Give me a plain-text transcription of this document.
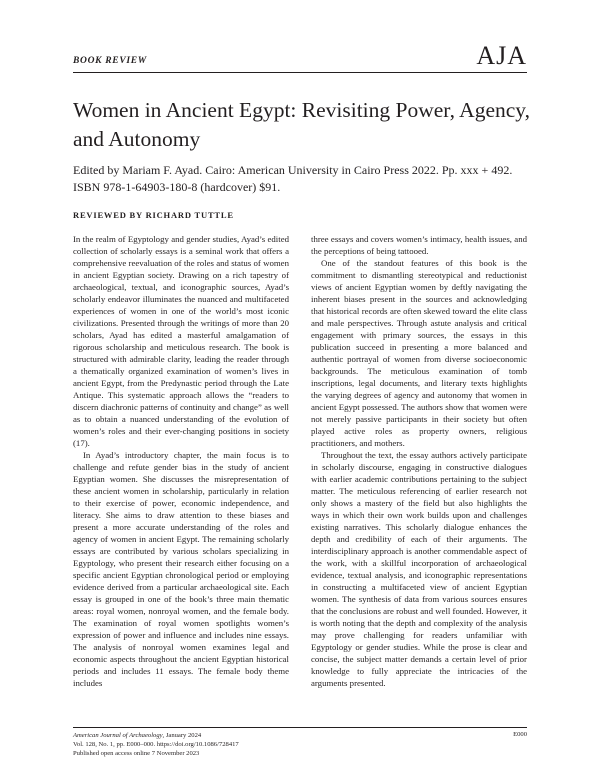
BOOK REVIEW	AJA
Women in Ancient Egypt: Revisiting Power, Agency, and Autonomy

Edited by Mariam F. Ayad. Cairo: American University in Cairo Press 2022. Pp. xxx + 492. ISBN 978-1-64903-180-8 (hardcover) $91.

REVIEWED BY RICHARD TUTTLE

In the realm of Egyptology and gender studies, Ayad’s edited collection of scholarly essays is a seminal work that offers a comprehensive reevaluation of the roles and status of women in ancient Egyptian society. Drawing on a rich tapestry of archaeological, textual, and iconographic sources, Ayad’s scholarly endeavor illuminates the nuanced and multifaceted experiences of women in one of the world’s most iconic civilizations. Presented through the writings of more than 20 scholars, Ayad has edited a masterful amalgamation of rigorous scholarship and meticulous research. The book is structured with admirable clarity, leading the reader through a thematically organized examination of women’s lives in ancient Egypt, from the Predynastic period through the Late Antique. This systematic approach allows the “readers to discern diachronic patterns of continuity and change” as well as to obtain a nuanced understanding of the evolution of women’s roles and their ever-changing positions in society (17).

In Ayad’s introductory chapter, the main focus is to challenge and refute gender bias in the study of ancient Egyptian women. She discusses the misrepresentation of these ancient women in scholarship, particularly in relation to their exercise of power, economic independence, and literacy. She aims to draw attention to these biases and present a more accurate understanding of the roles and agency of women in ancient Egypt. The remaining scholarly essays are contributed by various scholars specializing in Egyptology, who present their research either focusing on a specific ancient Egyptian chronological period or employing evidence derived from a particular archaeological site. Each essay is grouped in one of the book’s three main thematic areas: royal women, nonroyal women, and the female body. The examination of royal women spotlights women’s expression of power and influence and includes nine essays. The analysis of nonroyal women examines legal and economic aspects throughout the ancient Egyptian historical periods and includes 11 essays. The female body theme includes

three essays and covers women’s intimacy, health issues, and the perceptions of being tattooed.

One of the standout features of this book is the commitment to dismantling stereotypical and reductionist views of ancient Egyptian women by deftly navigating the inherent biases present in the sources and acknowledging that historical records are often skewed toward the elite class and male perspectives. Through astute analysis and critical engagement with primary sources, the essays in this publication succeed in presenting a more balanced and authentic portrayal of women from diverse socioeconomic backgrounds. The meticulous examination of tomb inscriptions, legal documents, and literary texts highlights the varying degrees of agency and autonomy that women in ancient Egypt possessed. The authors show that women were not merely passive participants in their society but often played active roles as property owners, religious practitioners, and mothers.

Throughout the text, the essay authors actively participate in scholarly discourse, engaging in constructive dialogues with earlier academic contributions pertaining to the subject matter. The meticulous referencing of earlier research not only shows a mastery of the field but also highlights the ways in which their own work builds upon and challenges existing narratives. This scholarly dialogue enhances the depth and credibility of each of their arguments. The interdisciplinary approach is another commendable aspect of the work, with a skillful incorporation of archaeological evidence, textual analysis, and iconographic representations in constructing a multifaceted view of ancient Egyptian women. The synthesis of data from various sources ensures that the conclusions are robust and well founded. However, it is worth noting that the depth and complexity of the analysis may prove challenging for readers unfamiliar with Egyptology or gender studies. While the prose is clear and concise, the subject matter demands a certain level of prior knowledge to fully appreciate the intricacies of the arguments presented.

American Journal of Archaeology, January 2024
Vol. 128, No. 1, pp. E000–000. https://doi.org/10.1086/728417
Published open access online 7 November 2023
E000
